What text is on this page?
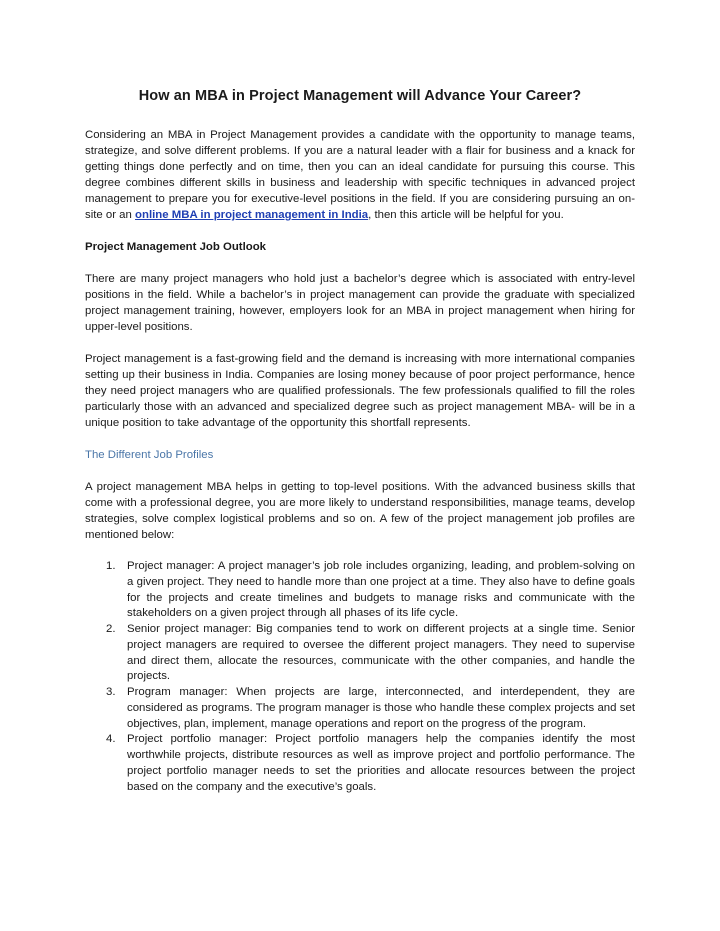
How an MBA in Project Management will Advance Your Career?

Considering an MBA in Project Management provides a candidate with the opportunity to manage teams, strategize, and solve different problems. If you are a natural leader with a flair for business and a knack for getting things done perfectly and on time, then you can an ideal candidate for pursuing this course. This degree combines different skills in business and leadership with specific techniques in advanced project management to prepare you for executive-level positions in the field. If you are considering pursuing an on-site or an online MBA in project management in India, then this article will be helpful for you.

Project Management Job Outlook

There are many project managers who hold just a bachelor’s degree which is associated with entry-level positions in the field. While a bachelor’s in project management can provide the graduate with specialized project management training, however, employers look for an MBA in project management when hiring for upper-level positions.

Project management is a fast-growing field and the demand is increasing with more international companies setting up their business in India. Companies are losing money because of poor project performance, hence they need project managers who are qualified professionals. The few professionals qualified to fill the roles particularly those with an advanced and specialized degree such as project management MBA- will be in a unique position to take advantage of the opportunity this shortfall represents.

The Different Job Profiles

A project management MBA helps in getting to top-level positions. With the advanced business skills that come with a professional degree, you are more likely to understand responsibilities, manage teams, develop strategies, solve complex logistical problems and so on. A few of the project management job profiles are mentioned below:

1. Project manager: A project manager’s job role includes organizing, leading, and problem-solving on a given project. They need to handle more than one project at a time. They also have to define goals for the projects and create timelines and budgets to manage risks and communicate with the stakeholders on a given project through all phases of its life cycle.
2. Senior project manager: Big companies tend to work on different projects at a single time. Senior project managers are required to oversee the different project managers. They need to supervise and direct them, allocate the resources, communicate with the other companies, and handle the projects.
3. Program manager: When projects are large, interconnected, and interdependent, they are considered as programs. The program manager is those who handle these complex projects and set objectives, plan, implement, manage operations and report on the progress of the program.
4. Project portfolio manager: Project portfolio managers help the companies identify the most worthwhile projects, distribute resources as well as improve project and portfolio performance. The project portfolio manager needs to set the priorities and allocate resources between the project based on the company and the executive’s goals.
